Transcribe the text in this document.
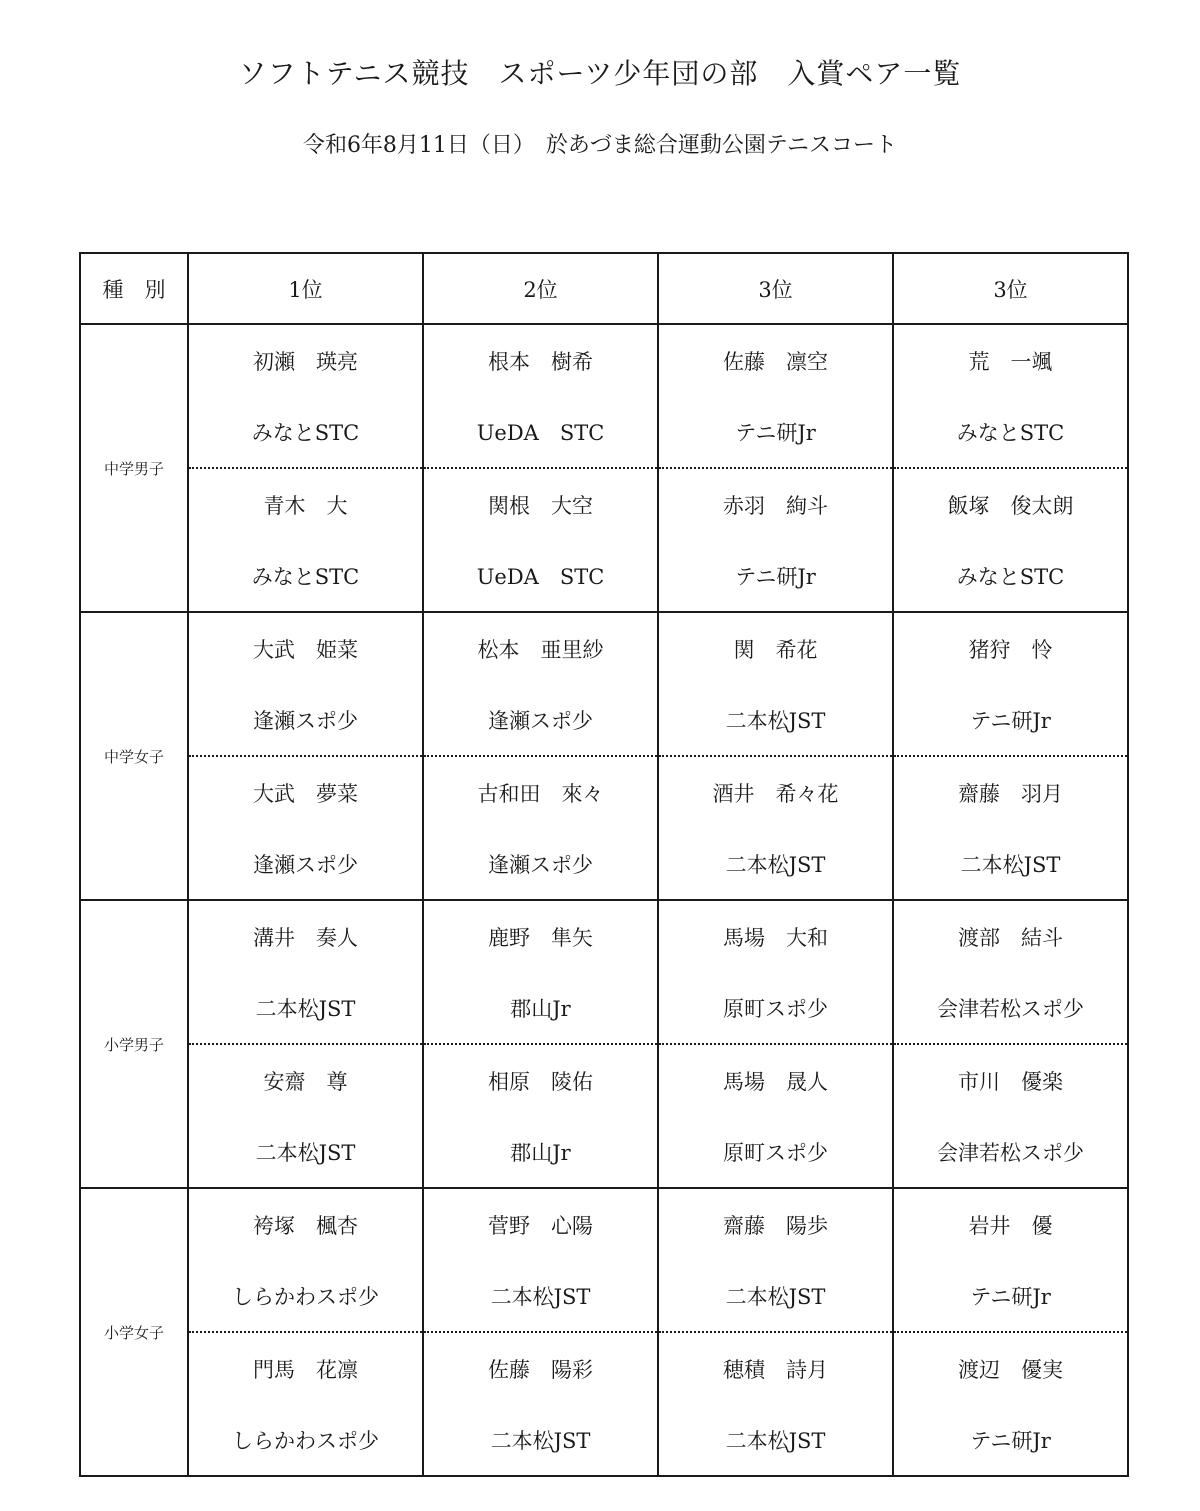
ソフトテニス競技　スポーツ少年団の部　入賞ペア一覧
令和6年8月11日（日）　於あづま総合運動公園テニスコート
種　別	1位	2位	3位	3位
中学男子	初瀬　瑛亮	根本　樹希	佐藤　凛空	荒　一颯
	みなとSTC	UeDA　STC	テニ研Jr	みなとSTC
	青木　大	関根　大空	赤羽　絢斗	飯塚　俊太朗
	みなとSTC	UeDA　STC	テニ研Jr	みなとSTC
中学女子	大武　姫菜	松本　亜里紗	関　希花	猪狩　怜
	逢瀬スポ少	逢瀬スポ少	二本松JST	テニ研Jr
	大武　夢菜	古和田　來々	酒井　希々花	齋藤　羽月
	逢瀬スポ少	逢瀬スポ少	二本松JST	二本松JST
小学男子	溝井　奏人	鹿野　隼矢	馬場　大和	渡部　結斗
	二本松JST	郡山Jr	原町スポ少	会津若松スポ少
	安齋　尊	相原　陵佑	馬場　晟人	市川　優楽
	二本松JST	郡山Jr	原町スポ少	会津若松スポ少
小学女子	袴塚　楓杏	菅野　心陽	齋藤　陽歩	岩井　優
	しらかわスポ少	二本松JST	二本松JST	テニ研Jr
	門馬　花凛	佐藤　陽彩	穂積　詩月	渡辺　優実
	しらかわスポ少	二本松JST	二本松JST	テニ研Jr
